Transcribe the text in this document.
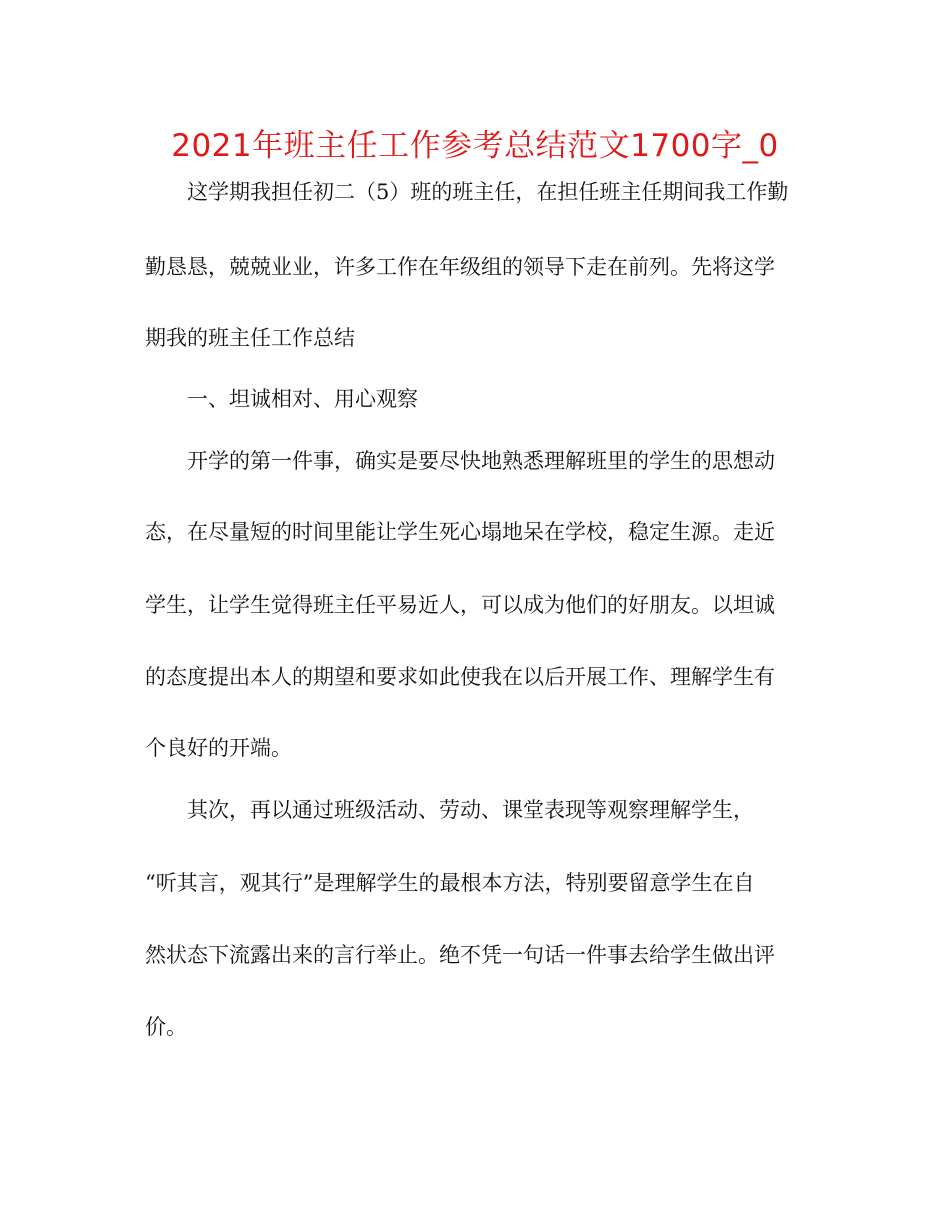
2021年班主任工作参考总结范文1700字_0
这学期我担任初二（5）班的班主任，在担任班主任期间我工作勤
勤恳恳，兢兢业业，许多工作在年级组的领导下走在前列。先将这学
期我的班主任工作总结
一、坦诚相对、用心观察
开学的第一件事，确实是要尽快地熟悉理解班里的学生的思想动
态，在尽量短的时间里能让学生死心塌地呆在学校，稳定生源。走近
学生，让学生觉得班主任平易近人，可以成为他们的好朋友。以坦诚
的态度提出本人的期望和要求如此使我在以后开展工作、理解学生有
个良好的开端。
其次，再以通过班级活动、劳动、课堂表现等观察理解学生，
“听其言，观其行”是理解学生的最根本方法，特别要留意学生在自
然状态下流露出来的言行举止。绝不凭一句话一件事去给学生做出评
价。
